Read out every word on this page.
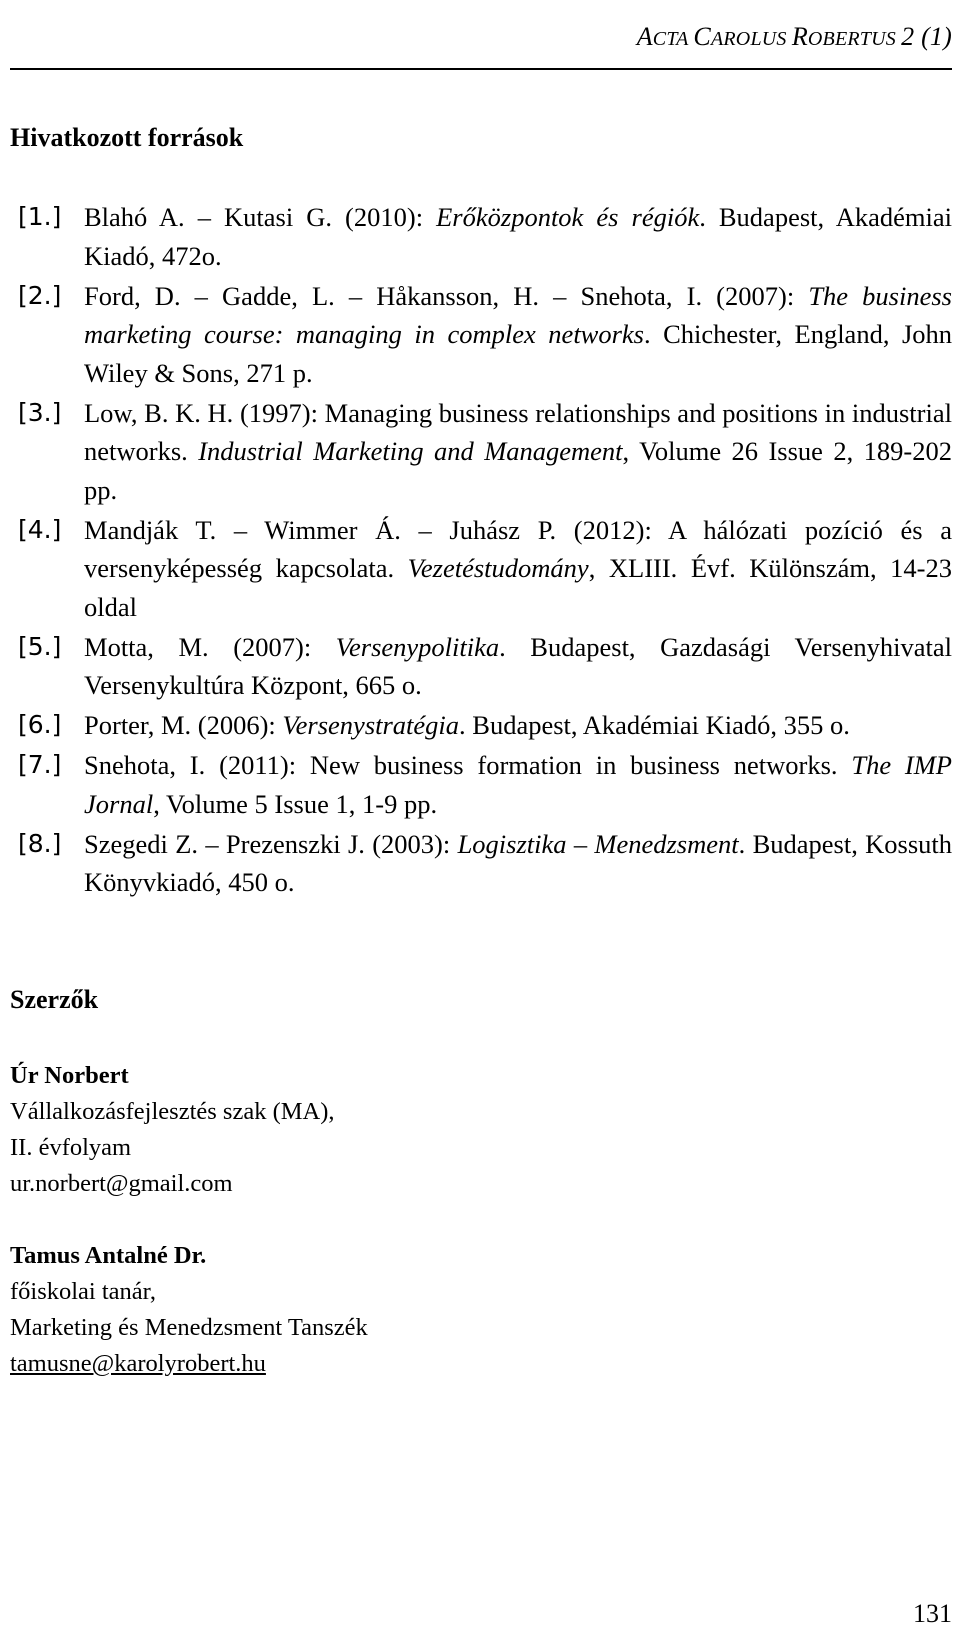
ACTA CAROLUS ROBERTUS 2 (1)
Hivatkozott források
[1.] Blahó A. – Kutasi G. (2010): Erőközpontok és régiók. Budapest, Akadémiai Kiadó, 472o.
[2.] Ford, D. – Gadde, L. – Håkansson, H. – Snehota, I. (2007): The business marketing course: managing in complex networks. Chichester, England, John Wiley & Sons, 271 p.
[3.] Low, B. K. H. (1997): Managing business relationships and positions in industrial networks. Industrial Marketing and Management, Volume 26 Issue 2, 189-202 pp.
[4.] Mandják T. – Wimmer Á. – Juhász P. (2012): A hálózati pozíció és a versenyképesség kapcsolata. Vezetéstudomány, XLIII. Évf. Különszám, 14-23 oldal
[5.] Motta, M. (2007): Versenypolitika. Budapest, Gazdasági Versenyhivatal Versenykultúra Központ, 665 o.
[6.] Porter, M. (2006): Versenystratégia. Budapest, Akadémiai Kiadó, 355 o.
[7.] Snehota, I. (2011): New business formation in business networks. The IMP Jornal, Volume 5 Issue 1, 1-9 pp.
[8.] Szegedi Z. – Prezenszki J. (2003): Logisztika – Menedzsment. Budapest, Kossuth Könyvkiadó, 450 o.
Szerzők
Úr Norbert
Vállalkozásfejlesztés szak (MA),
II. évfolyam
ur.norbert@gmail.com
Tamus Antalné Dr.
főiskolai tanár,
Marketing és Menedzsment Tanszék
tamusne@karolyrobert.hu
131
